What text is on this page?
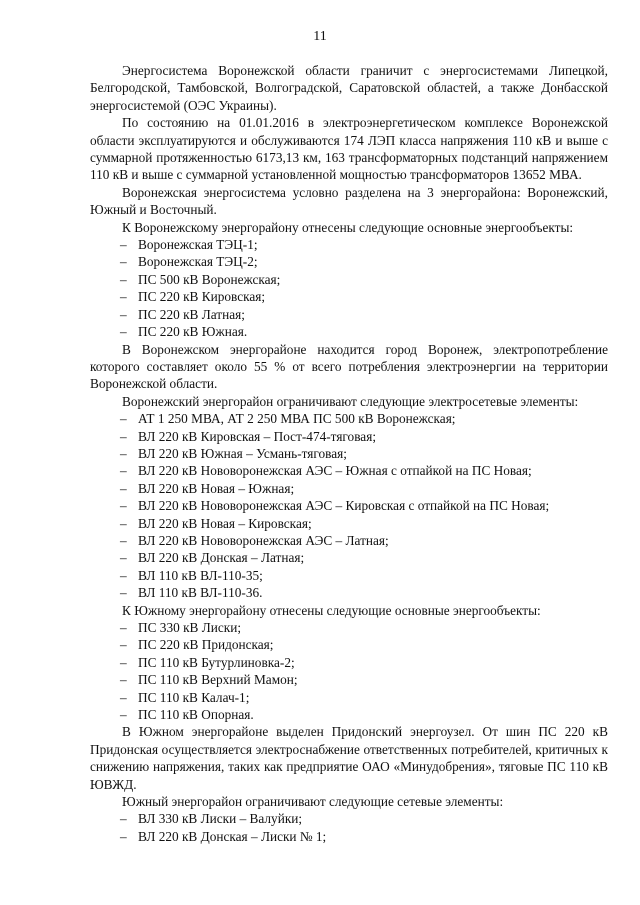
11

Энергосистема Воронежской области граничит с энергосистемами Липецкой, Белгородской, Тамбовской, Волгоградской, Саратовской областей, а также Донбасской энергосистемой (ОЭС Украины).

По состоянию на 01.01.2016 в электроэнергетическом комплексе Воронежской области эксплуатируются и обслуживаются 174 ЛЭП класса напряжения 110 кВ и выше с суммарной протяженностью 6173,13 км, 163 трансформаторных подстанций напряжением 110 кВ и выше с суммарной установленной мощностью трансформаторов 13652 МВА.

Воронежская энергосистема условно разделена на 3 энергорайона: Воронежский, Южный и Восточный.

К Воронежскому энергорайону отнесены следующие основные энергообъекты:

– Воронежская ТЭЦ-1;
– Воронежская ТЭЦ-2;
– ПС 500 кВ Воронежская;
– ПС 220 кВ Кировская;
– ПС 220 кВ Латная;
– ПС 220 кВ Южная.

В Воронежском энергорайоне находится город Воронеж, электропотребление которого составляет около 55 % от всего потребления электроэнергии на территории Воронежской области.

Воронежский энергорайон ограничивают следующие электросетевые элементы:

– АТ 1 250 МВА, АТ 2 250 МВА ПС 500 кВ Воронежская;
– ВЛ 220 кВ Кировская – Пост-474-тяговая;
– ВЛ 220 кВ Южная – Усмань-тяговая;
– ВЛ 220 кВ Нововоронежская АЭС – Южная с отпайкой на ПС Новая;
– ВЛ 220 кВ Новая – Южная;
– ВЛ 220 кВ Нововоронежская АЭС – Кировская с отпайкой на ПС Новая;
– ВЛ 220 кВ Новая – Кировская;
– ВЛ 220 кВ Нововоронежская АЭС – Латная;
– ВЛ 220 кВ Донская – Латная;
– ВЛ 110 кВ ВЛ-110-35;
– ВЛ 110 кВ ВЛ-110-36.

К Южному энергорайону отнесены следующие основные энергообъекты:

– ПС 330 кВ Лиски;
– ПС 220 кВ Придонская;
– ПС 110 кВ Бутурлиновка-2;
– ПС 110 кВ Верхний Мамон;
– ПС 110 кВ Калач-1;
– ПС 110 кВ Опорная.

В Южном энергорайоне выделен Придонский энергоузел. От шин ПС 220 кВ Придонская осуществляется электроснабжение ответственных потребителей, критичных к снижению напряжения, таких как предприятие ОАО «Минудобрения», тяговые ПС 110 кВ ЮВЖД.

Южный энергорайон ограничивают следующие сетевые элементы:

– ВЛ 330 кВ Лиски – Валуйки;
– ВЛ 220 кВ Донская – Лиски № 1;
